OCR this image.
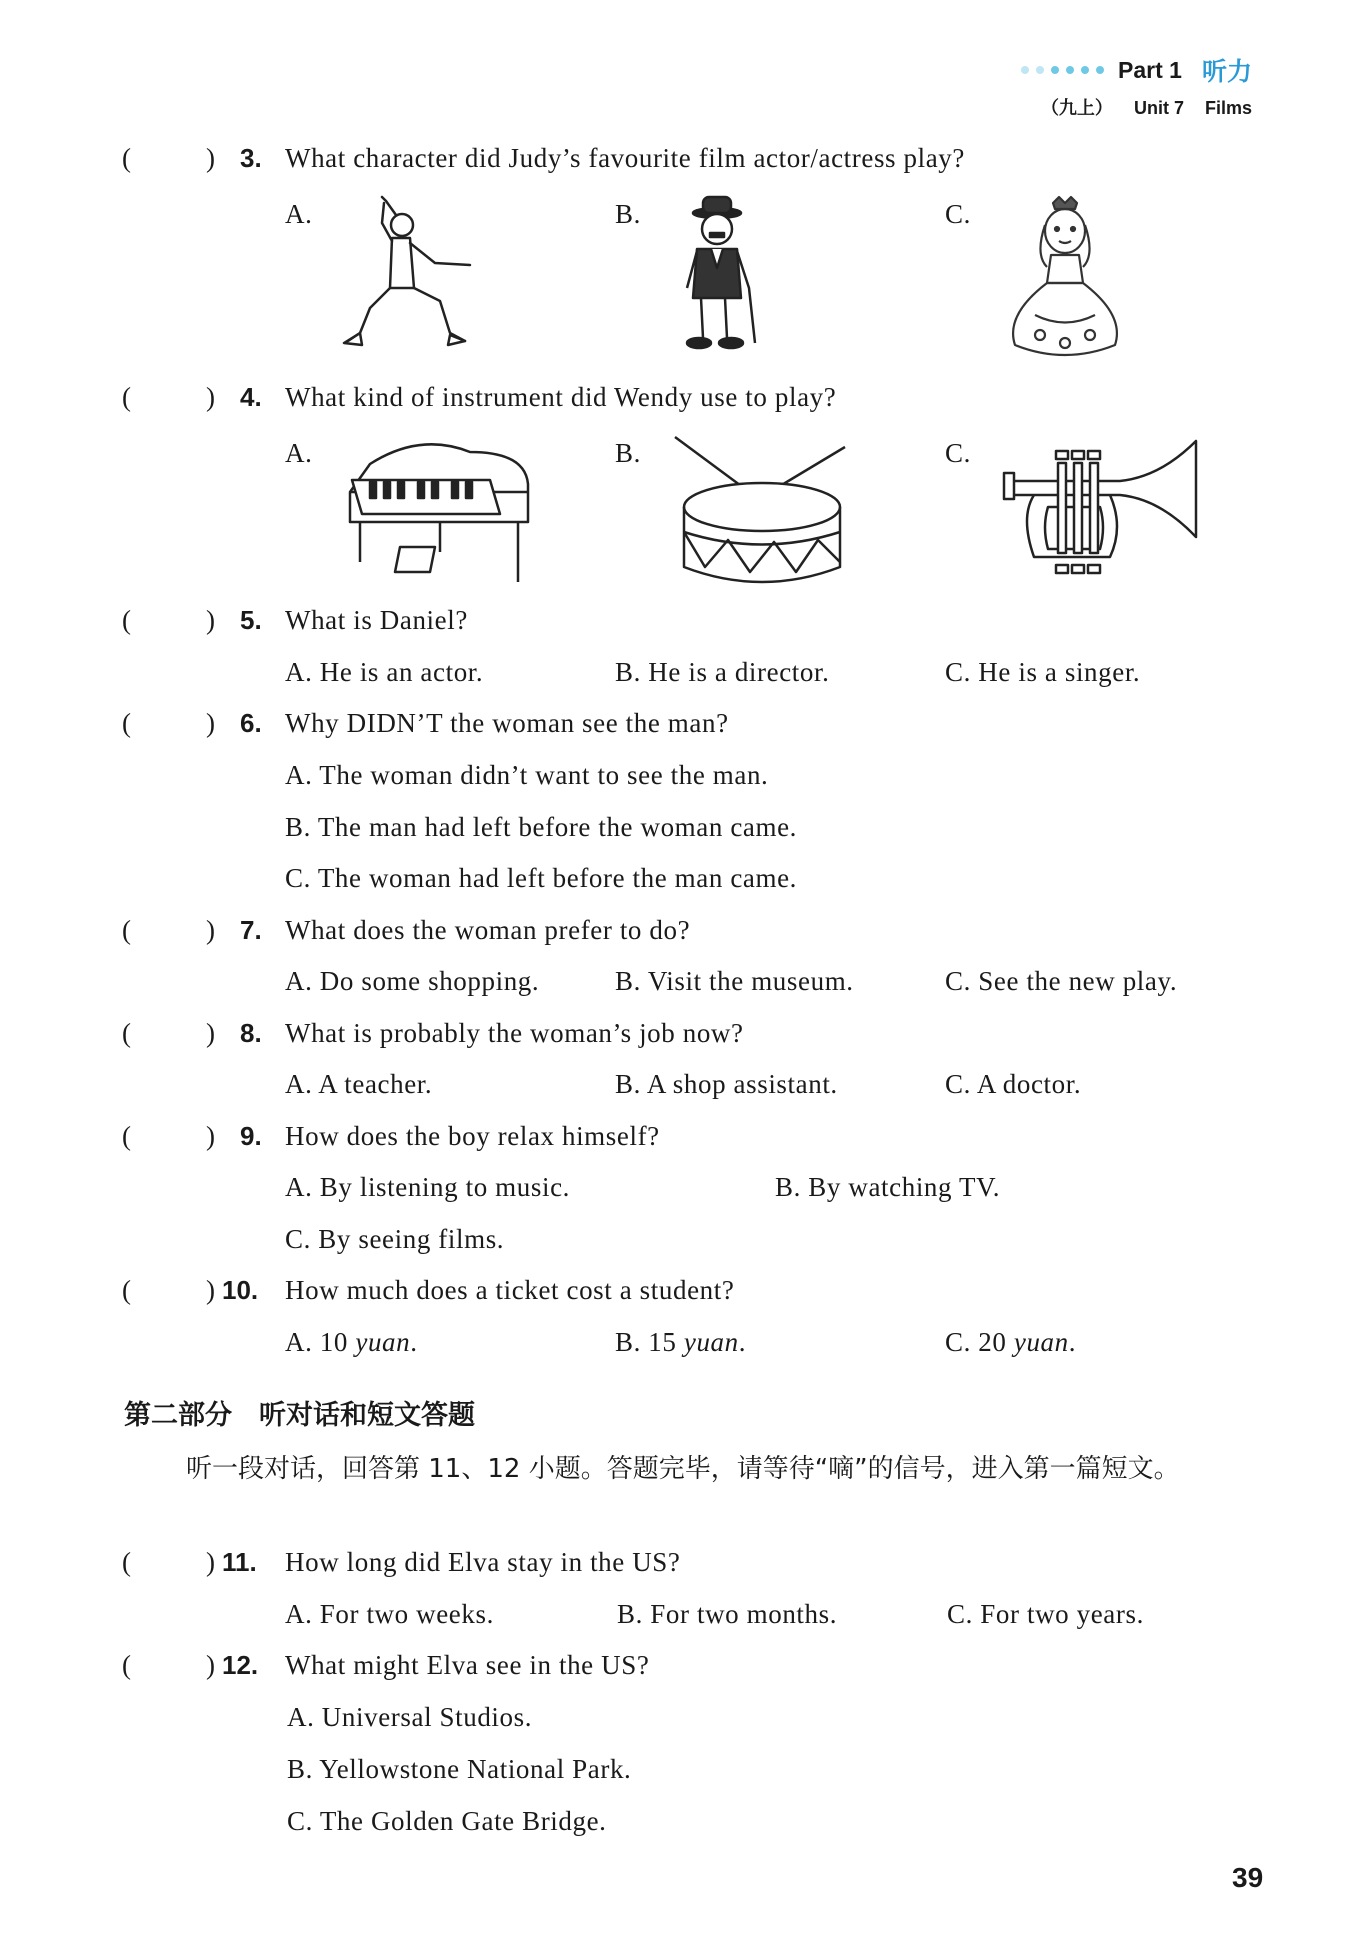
Part 1 听力
（九上） Unit 7 Films
(	) 3. What character did Judy’s favourite film actor/actress play?
A.	B.	C.
(	) 4. What kind of instrument did Wendy use to play?
A.	B.	C.
(	) 5. What is Daniel?
A. He is an actor.	B. He is a director.	C. He is a singer.
(	) 6. Why DIDN’T the woman see the man?
A. The woman didn’t want to see the man.
B. The man had left before the woman came.
C. The woman had left before the man came.
(	) 7. What does the woman prefer to do?
A. Do some shopping.	B. Visit the museum.	C. See the new play.
(	) 8. What is probably the woman’s job now?
A. A teacher.	B. A shop assistant.	C. A doctor.
(	) 9. How does the boy relax himself?
A. By listening to music.	B. By watching TV.
C. By seeing films.
(	) 10. How much does a ticket cost a student?
A. 10 yuan.	B. 15 yuan.	C. 20 yuan.
第二部分　听对话和短文答题
听一段对话，回答第 11、12 小题。答题完毕，请等待“嘀”的信号，进入第一篇短文。
(	) 11. How long did Elva stay in the US?
A. For two weeks.	B. For two months.	C. For two years.
(	) 12. What might Elva see in the US?
A. Universal Studios.
B. Yellowstone National Park.
C. The Golden Gate Bridge.
39
